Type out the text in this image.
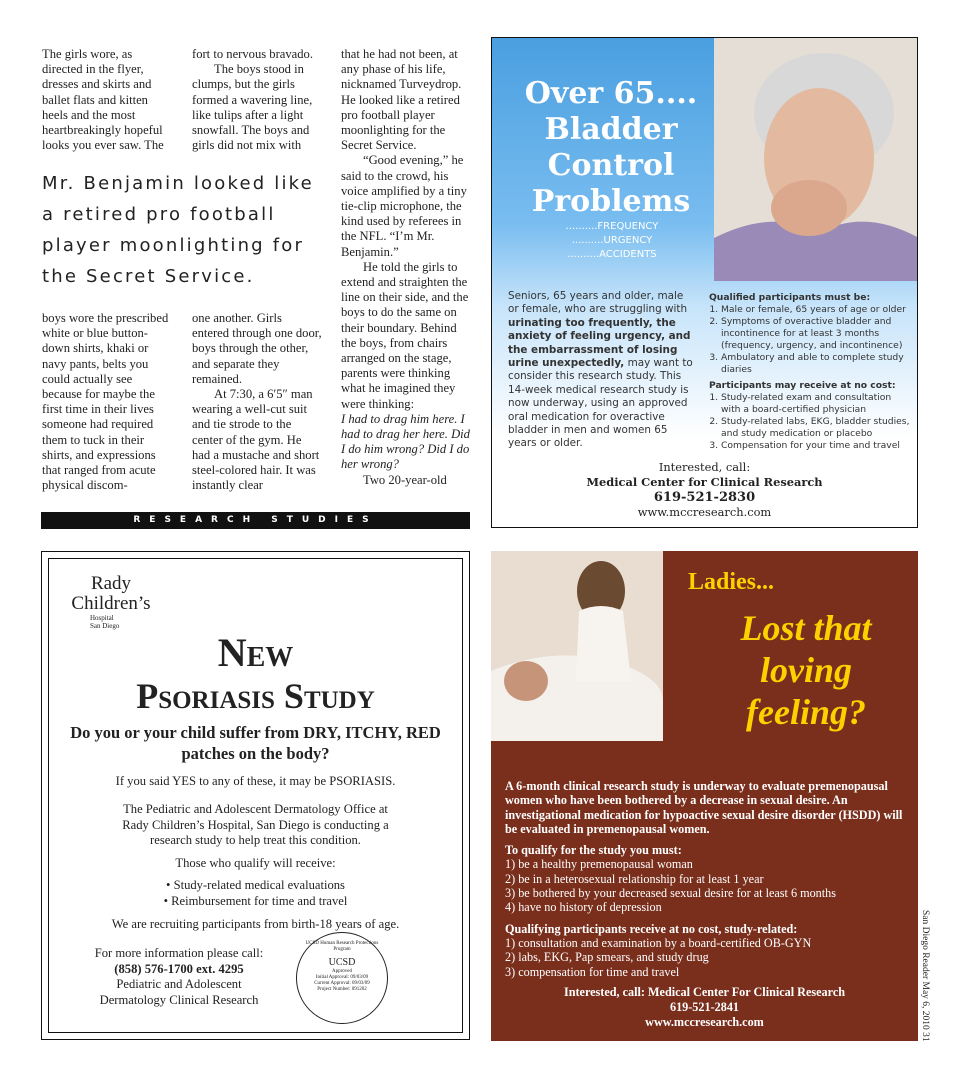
The girls wore, as directed in the flyer, dresses and skirts and ballet flats and kitten heels and the most heartbreakingly hopeful looks you ever saw. The

fort to nervous bravado.

The boys stood in clumps, but the girls formed a wavering line, like tulips after a light snowfall. The boys and girls did not mix with

that he had not been, at any phase of his life, nicknamed Turveydrop. He looked like a retired pro football player moonlighting for the Secret Service.

“Good evening,” he said to the crowd, his voice amplified by a tiny tie-clip microphone, the kind used by referees in the NFL. “I’m Mr. Benjamin.”

He told the girls to extend and straighten the line on their side, and the boys to do the same on their boundary. Behind the boys, from chairs arranged on the stage, parents were thinking what he imagined they were thinking:

I had to drag him here. I had to drag her here. Did I do him wrong? Did I do her wrong?

Two 20-year-old

Mr. Benjamin looked like a retired pro football player moonlighting for the Secret Service.

boys wore the prescribed white or blue button-down shirts, khaki or navy pants, belts you could actually see because for maybe the first time in their lives someone had required them to tuck in their shirts, and expressions that ranged from acute physical discom-

one another. Girls entered through one door, boys through the other, and separate they remained.

At 7:30, a 6′5″ man wearing a well-cut suit and tie strode to the center of the gym. He had a mustache and short steel-colored hair. It was instantly clear

RESEARCH STUDIES
Over 65....
Bladder
Control
Problems
..........FREQUENCY
..........URGENCY
..........ACCIDENTS
Seniors, 65 years and older, male or female, who are struggling with urinating too frequently, the anxiety of feeling urgency, and the embarrassment of losing urine unexpectedly, may want to consider this research study. This 14-week medical research study is now underway, using an approved oral medication for overactive bladder in men and women 65 years or older.
Qualified participants must be:
1. Male or female, 65 years of age or older
2. Symptoms of overactive bladder and incontinence for at least 3 months (frequency, urgency, and incontinence)
3. Ambulatory and able to complete study diaries
Participants may receive at no cost:
1. Study-related exam and consultation with a board-certified physician
2. Study-related labs, EKG, bladder studies, and study medication or placebo
3. Compensation for your time and travel
Interested, call:
Medical Center for Clinical Research
619-521-2830
www.mccresearch.com
Rady
Children’s
Hospital
San Diego
New
Psoriasis Study
Do you or your child suffer from DRY, ITCHY, RED patches on the body?
If you said YES to any of these, it may be PSORIASIS.
The Pediatric and Adolescent Dermatology Office at Rady Children’s Hospital, San Diego is conducting a research study to help treat this condition.
Those who qualify will receive:
• Study-related medical evaluations
• Reimbursement for time and travel
We are recruiting participants from birth-18 years of age.
For more information please call:
(858) 576-1700 ext. 4295
Pediatric and Adolescent
Dermatology Clinical Research
UCSD Human Research Protections Program
UCSD
Approved
Initial Approval: 09/03/09
Current Approval: 09/03/09
Project Number: 091202
Ladies...
Lost that
loving
feeling?

A 6-month clinical research study is underway to evaluate premenopausal women who have been bothered by a decrease in sexual desire. An investigational medication for hypoactive sexual desire disorder (HSDD) will be evaluated in premenopausal women.

To qualify for the study you must:
1) be a healthy premenopausal woman
2) be in a heterosexual relationship for at least 1 year
3) be bothered by your decreased sexual desire for at least 6 months
4) have no history of depression

Qualifying participants receive at no cost, study-related:
1) consultation and examination by a board-certified OB-GYN
2) labs, EKG, Pap smears, and study drug
3) compensation for time and travel

Interested, call: Medical Center For Clinical Research
619-521-2841
www.mccresearch.com	San Diego Reader May 6, 2010 31
